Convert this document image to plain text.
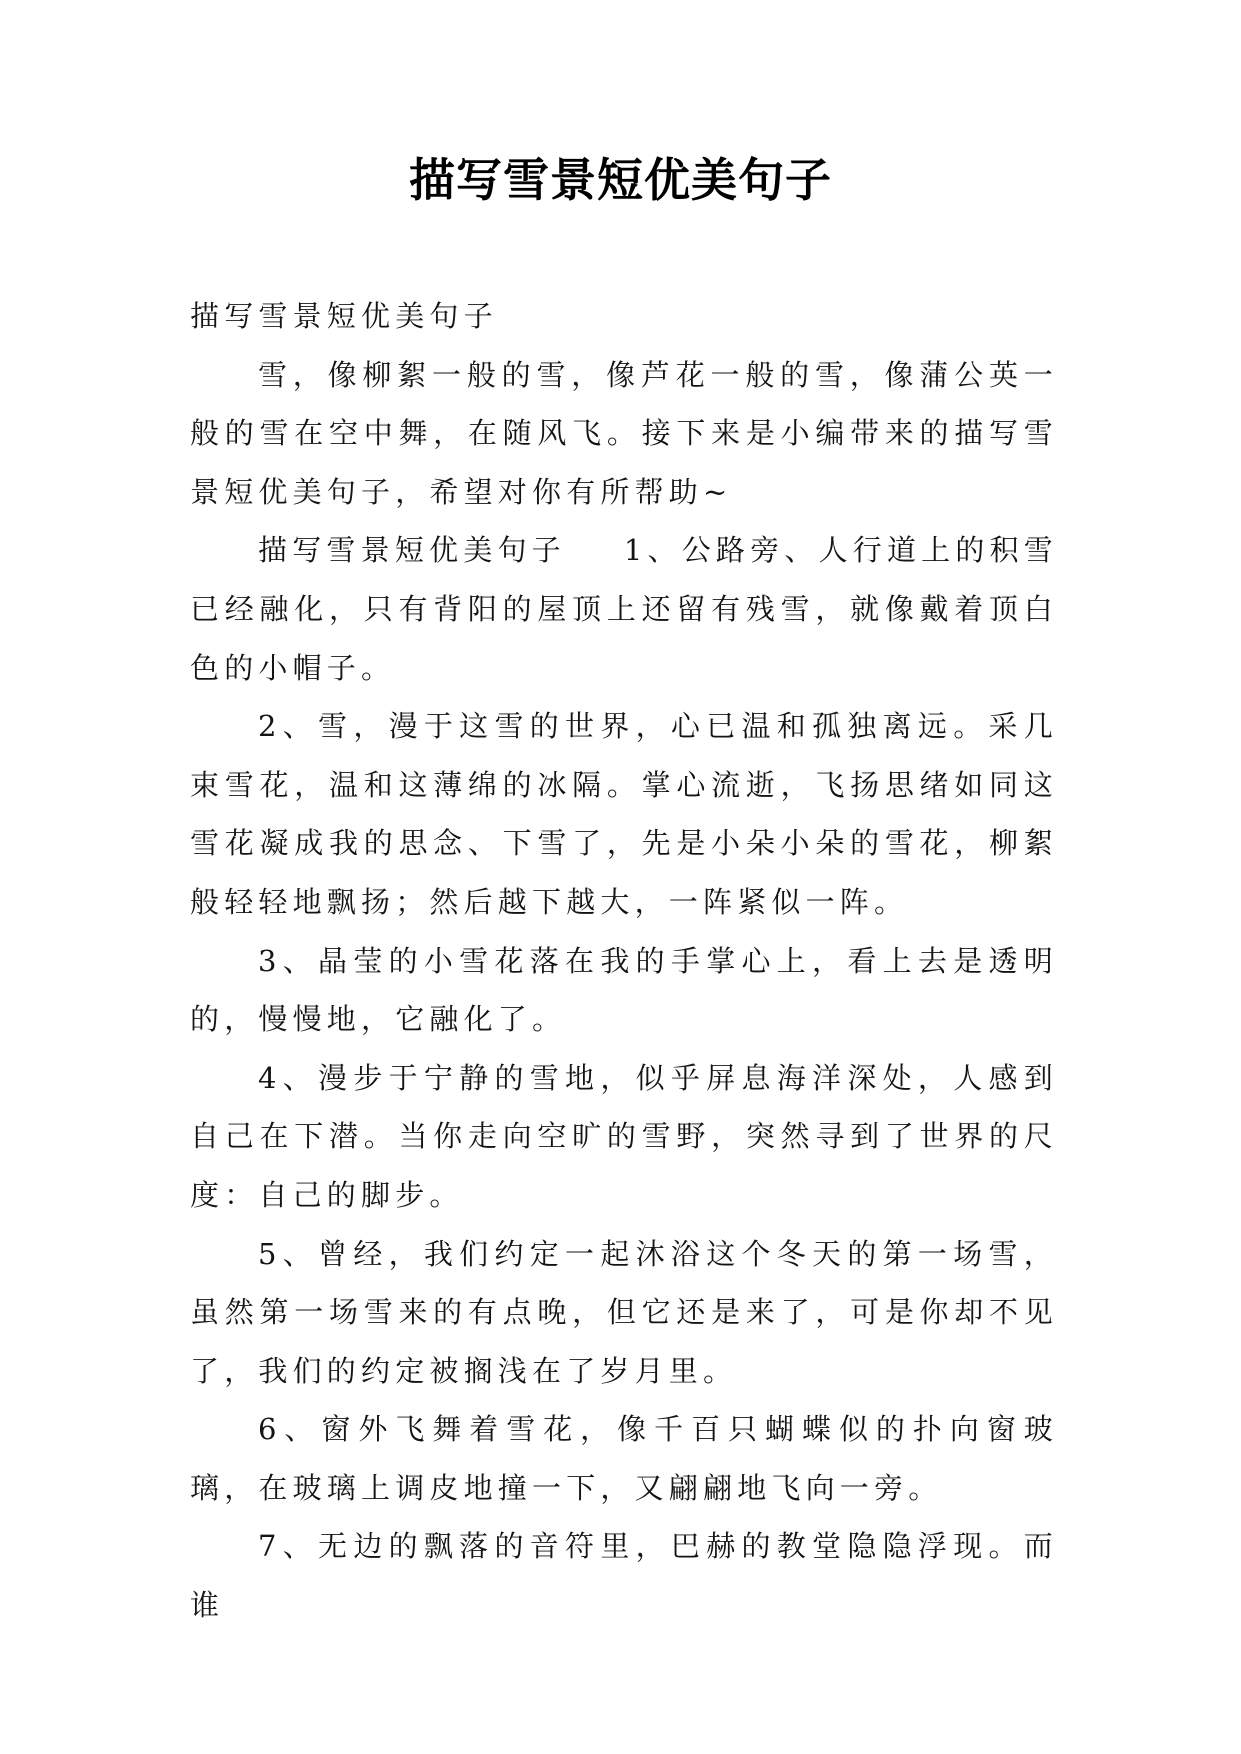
描写雪景短优美句子

描写雪景短优美句子

雪，像柳絮一般的雪，像芦花一般的雪，像蒲公英一般的雪在空中舞，在随风飞。接下来是小编带来的描写雪景短优美句子，希望对你有所帮助~

描写雪景短优美句子 1、公路旁、人行道上的积雪已经融化，只有背阳的屋顶上还留有残雪，就像戴着顶白色的小帽子。

2、雪，漫于这雪的世界，心已温和孤独离远。采几束雪花，温和这薄绵的冰隔。掌心流逝，飞扬思绪如同这雪花凝成我的思念、下雪了，先是小朵小朵的雪花，柳絮般轻轻地飘扬；然后越下越大，一阵紧似一阵。

3、晶莹的小雪花落在我的手掌心上，看上去是透明的，慢慢地，它融化了。

4、漫步于宁静的雪地，似乎屏息海洋深处，人感到自己在下潜。当你走向空旷的雪野，突然寻到了世界的尺度：自己的脚步。

5、曾经，我们约定一起沐浴这个冬天的第一场雪，虽然第一场雪来的有点晚，但它还是来了，可是你却不见了，我们的约定被搁浅在了岁月里。

6、窗外飞舞着雪花，像千百只蝴蝶似的扑向窗玻璃，在玻璃上调皮地撞一下，又翩翩地飞向一旁。

7、无边的飘落的音符里，巴赫的教堂隐隐浮现。而谁
